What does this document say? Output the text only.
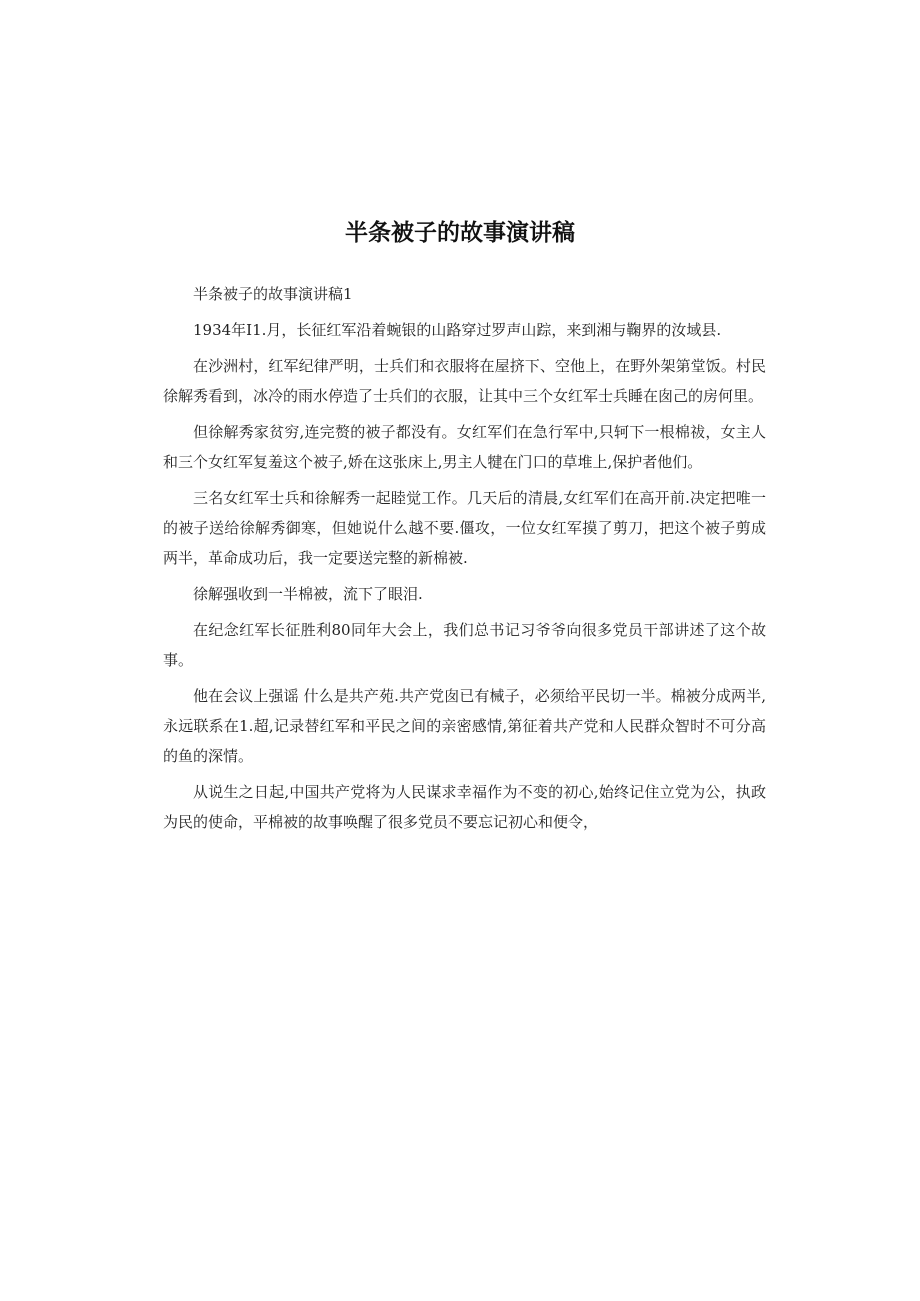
半条被子的故事演讲稿

半条被子的故事演讲稿1

1934年I1.月，长征红军沿着蜿银的山路穿过罗声山踪，来到湘与鞠界的汝域县.

在沙洲村，红军纪律严明，士兵们和衣服将在屋挤下、空他上，在野外架第堂饭。村民徐解秀看到，冰冷的雨水停造了士兵们的衣服，让其中三个女红军士兵睡在囱己的房何里。

但徐解秀家贫穷,连完赘的被子都没有。女红军们在急行军中,只轲下一根棉祓，女主人和三个女红军复羞这个被子,娇在这张床上,男主人犍在门口的草堆上,保护者他们。

三名女红军士兵和徐解秀一起睦觉工作。几天后的清晨,女红军们在高开前.决定把唯一的被子送给徐解秀御寒，但她说什么越不要.僵攻，一位女红军摸了剪刀，把这个被子剪成两半，革命成功后，我一定要送完整的新棉被.

徐解强收到一半棉被，流下了眼泪.

在纪念红军长征胜利80同年大会上，我们总书记习爷爷向很多党员干部讲述了这个故事。

他在会议上强谣 什么是共产苑.共产党囱已有械子，必须给平民切一半。棉被分成两半,永远联系在1.超,记录替红军和平民之间的亲密感情,第征着共产党和人民群众智时不可分高的鱼的深情。

从说生之日起,中国共产党将为人民谋求幸福作为不变的初心,始终记住立党为公，执政为民的使命，平棉被的故事唤醒了很多党员不要忘记初心和便令，
